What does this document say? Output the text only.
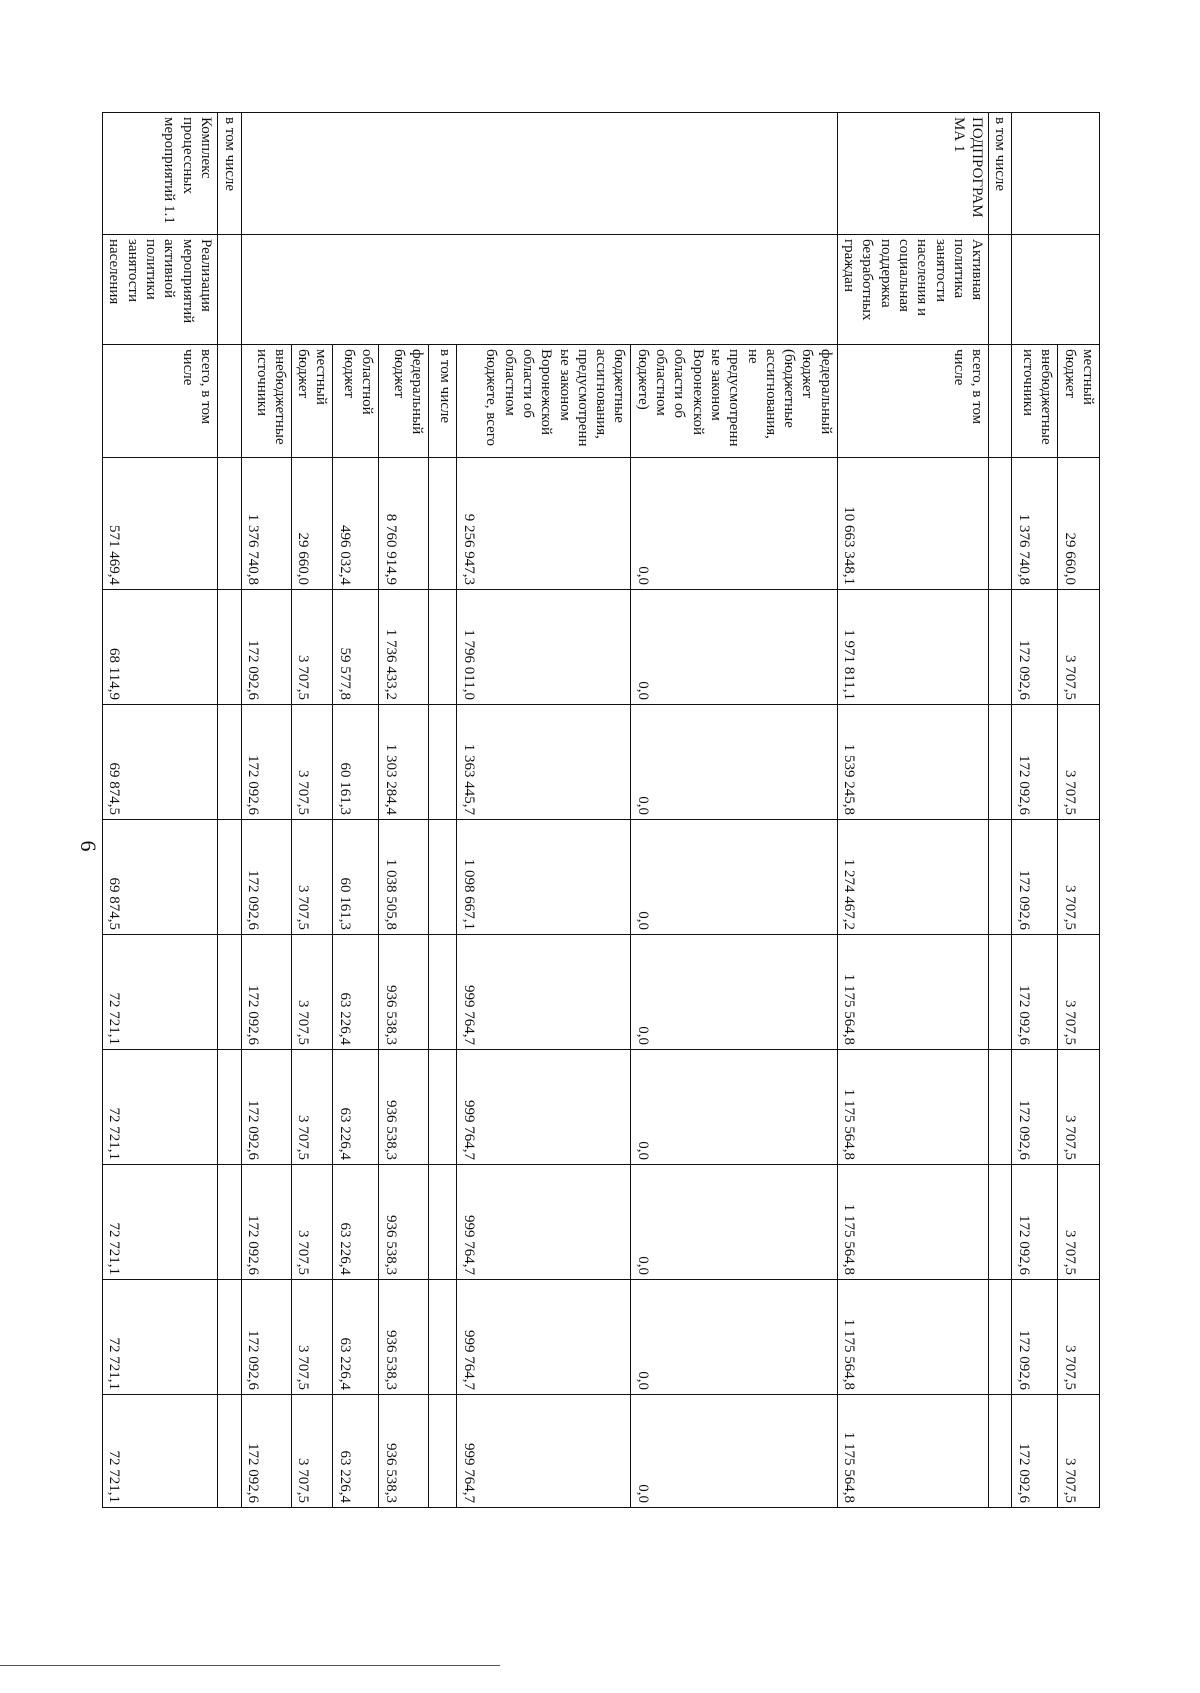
6
		местный бюджет	29 660,0	3 707,5	3 707,5	3 707,5	3 707,5	3 707,5	3 707,5	3 707,5	3 707,5
		внебюджетные источники	1 376 740,8	172 092,6	172 092,6	172 092,6	172 092,6	172 092,6	172 092,6	172 092,6	172 092,6
в том числе											
ПОДПРОГРАММА 1	Активная политика занятости населения и социальная поддержка безработных граждан	всего, в том числе	10 663 348,1	1 971 811,1	1 539 245,8	1 274 467,2	1 175 564,8	1 175 564,8	1 175 564,8	1 175 564,8	1 175 564,8
		федеральный бюджет (бюджетные ассигнования, не предусмотренные законом Воронежской области об областном бюджете)	0,0	0,0	0,0	0,0	0,0	0,0	0,0	0,0	0,0
		бюджетные ассигнования, предусмотренные законом Воронежской области об областном бюджете, всего	9 256 947,3	1 796 011,0	1 363 445,7	1 098 667,1	999 764,7	999 764,7	999 764,7	999 764,7	999 764,7
		в том числе									
		федеральный бюджет	8 760 914,9	1 736 433,2	1 303 284,4	1 038 505,8	936 538,3	936 538,3	936 538,3	936 538,3	936 538,3
		областной бюджет	496 032,4	59 577,8	60 161,3	60 161,3	63 226,4	63 226,4	63 226,4	63 226,4	63 226,4
		местный бюджет	29 660,0	3 707,5	3 707,5	3 707,5	3 707,5	3 707,5	3 707,5	3 707,5	3 707,5
		внебюджетные источники	1 376 740,8	172 092,6	172 092,6	172 092,6	172 092,6	172 092,6	172 092,6	172 092,6	172 092,6
в том числе											
Комплекс процессных мероприятий 1.1	Реализация мероприятий активной политики занятости населения	всего, в том числе	571 469,4	68 114,9	69 874,5	69 874,5	72 721,1	72 721,1	72 721,1	72 721,1	72 721,1
